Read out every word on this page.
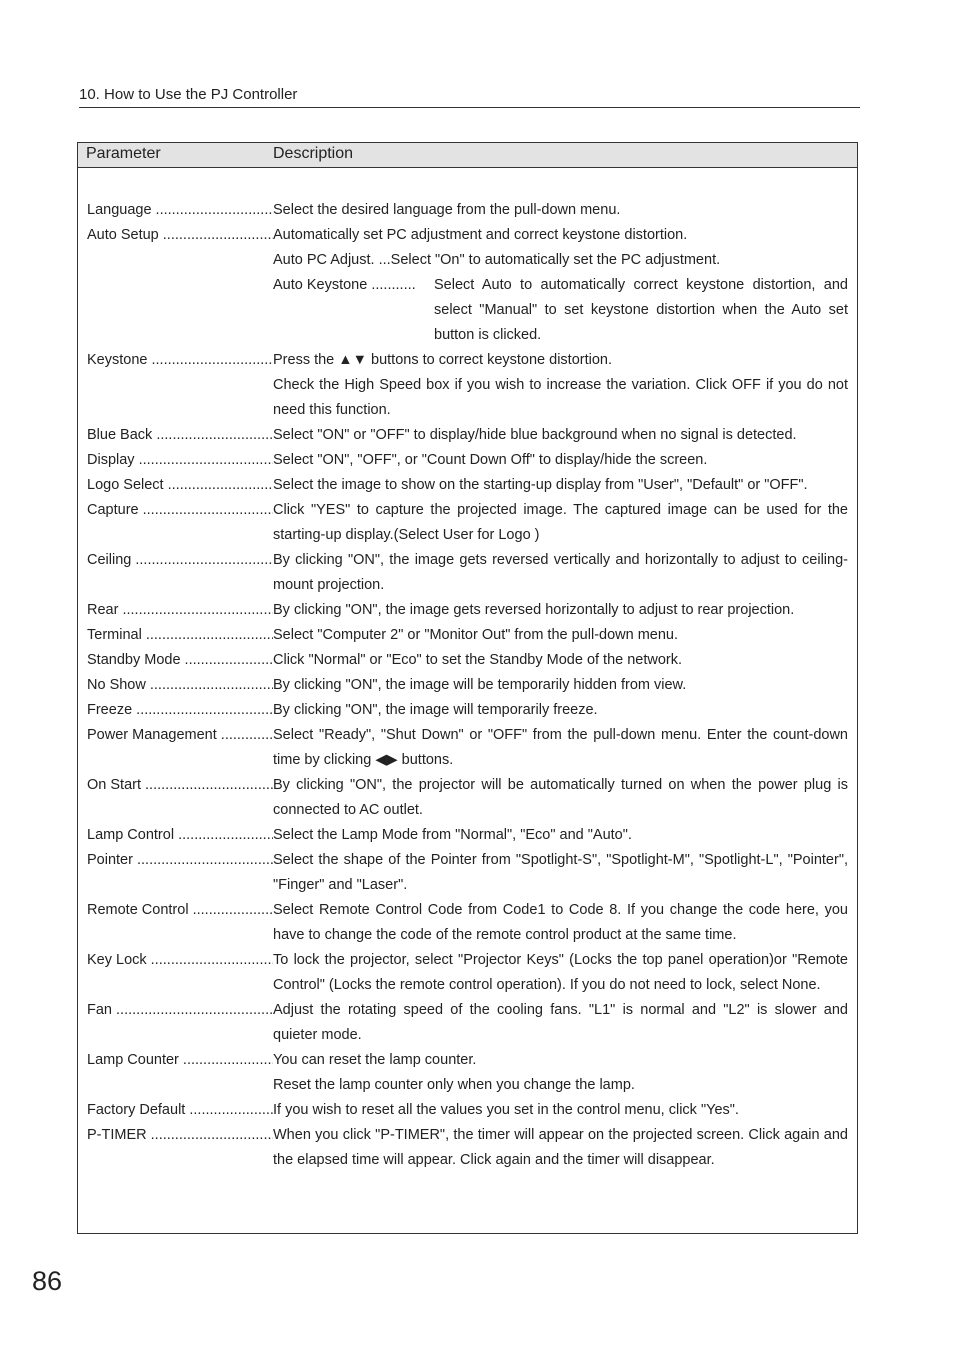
10. How to Use the PJ Controller
Parameter	Description
Language .....	Select the desired language from the pull-down menu.
Auto Setup .....	Automatically set PC adjustment and correct keystone distortion.
Auto PC Adjust. ...Select "On" to automatically set the PC adjustment.
Auto Keystone ...........	Select Auto to automatically correct keystone distortion, and select "Manual" to set keystone distortion when the Auto set button is clicked.
Keystone .....	Press the ▲▼ buttons to correct keystone distortion.
Check the High Speed box if you wish to increase the variation. Click OFF if you do not need this function.
Blue Back .....	Select "ON" or "OFF" to display/hide blue background when no signal is detected.
Display .....	Select "ON", "OFF", or "Count Down Off" to display/hide the screen.
Logo Select .....	Select the image to show on the starting-up display from "User", "Default" or "OFF".
Capture .....	Click "YES" to capture the projected image. The captured image can be used for the starting-up display.(Select User for Logo )
Ceiling .....	By clicking "ON", the image gets reversed vertically and horizontally to adjust to ceiling-mount projection.
Rear .....	By clicking "ON", the image gets reversed horizontally to adjust to rear projection.
Terminal .....	Select "Computer 2" or "Monitor Out" from the pull-down menu.
Standby Mode .....	Click "Normal" or "Eco" to set the Standby Mode of the network.
No Show .....	By clicking "ON", the image will be temporarily hidden from view.
Freeze .....	By clicking "ON", the image will temporarily freeze.
Power Management .....	Select "Ready", "Shut Down" or "OFF" from the pull-down menu. Enter the count-down time by clicking ◀▶ buttons.
On Start .....	By clicking "ON", the projector will be automatically turned on when the power plug is connected to AC outlet.
Lamp Control .....	Select the Lamp Mode from "Normal", "Eco" and "Auto".
Pointer .....	Select the shape of the Pointer from "Spotlight-S", "Spotlight-M", "Spotlight-L", "Pointer", "Finger" and "Laser".
Remote Control .....	Select Remote Control Code from Code1 to Code 8. If you change the code here, you have to change the code of the remote control product at the same time.
Key Lock .....	To lock the projector, select "Projector Keys" (Locks the top panel operation)or "Remote Control" (Locks the remote control operation). If you do not need to lock, select None.
Fan .....	Adjust the rotating speed of the cooling fans. "L1" is normal and "L2" is slower and quieter mode.
Lamp Counter .....	You can reset the lamp counter.
Reset the lamp counter only when you change the lamp.
Factory Default .....	If you wish to reset all the values you set in the control menu, click "Yes".
P-TIMER .....	When you click "P-TIMER", the timer will appear on the projected screen. Click again and the elapsed time will appear. Click again and the timer will disappear.
86
